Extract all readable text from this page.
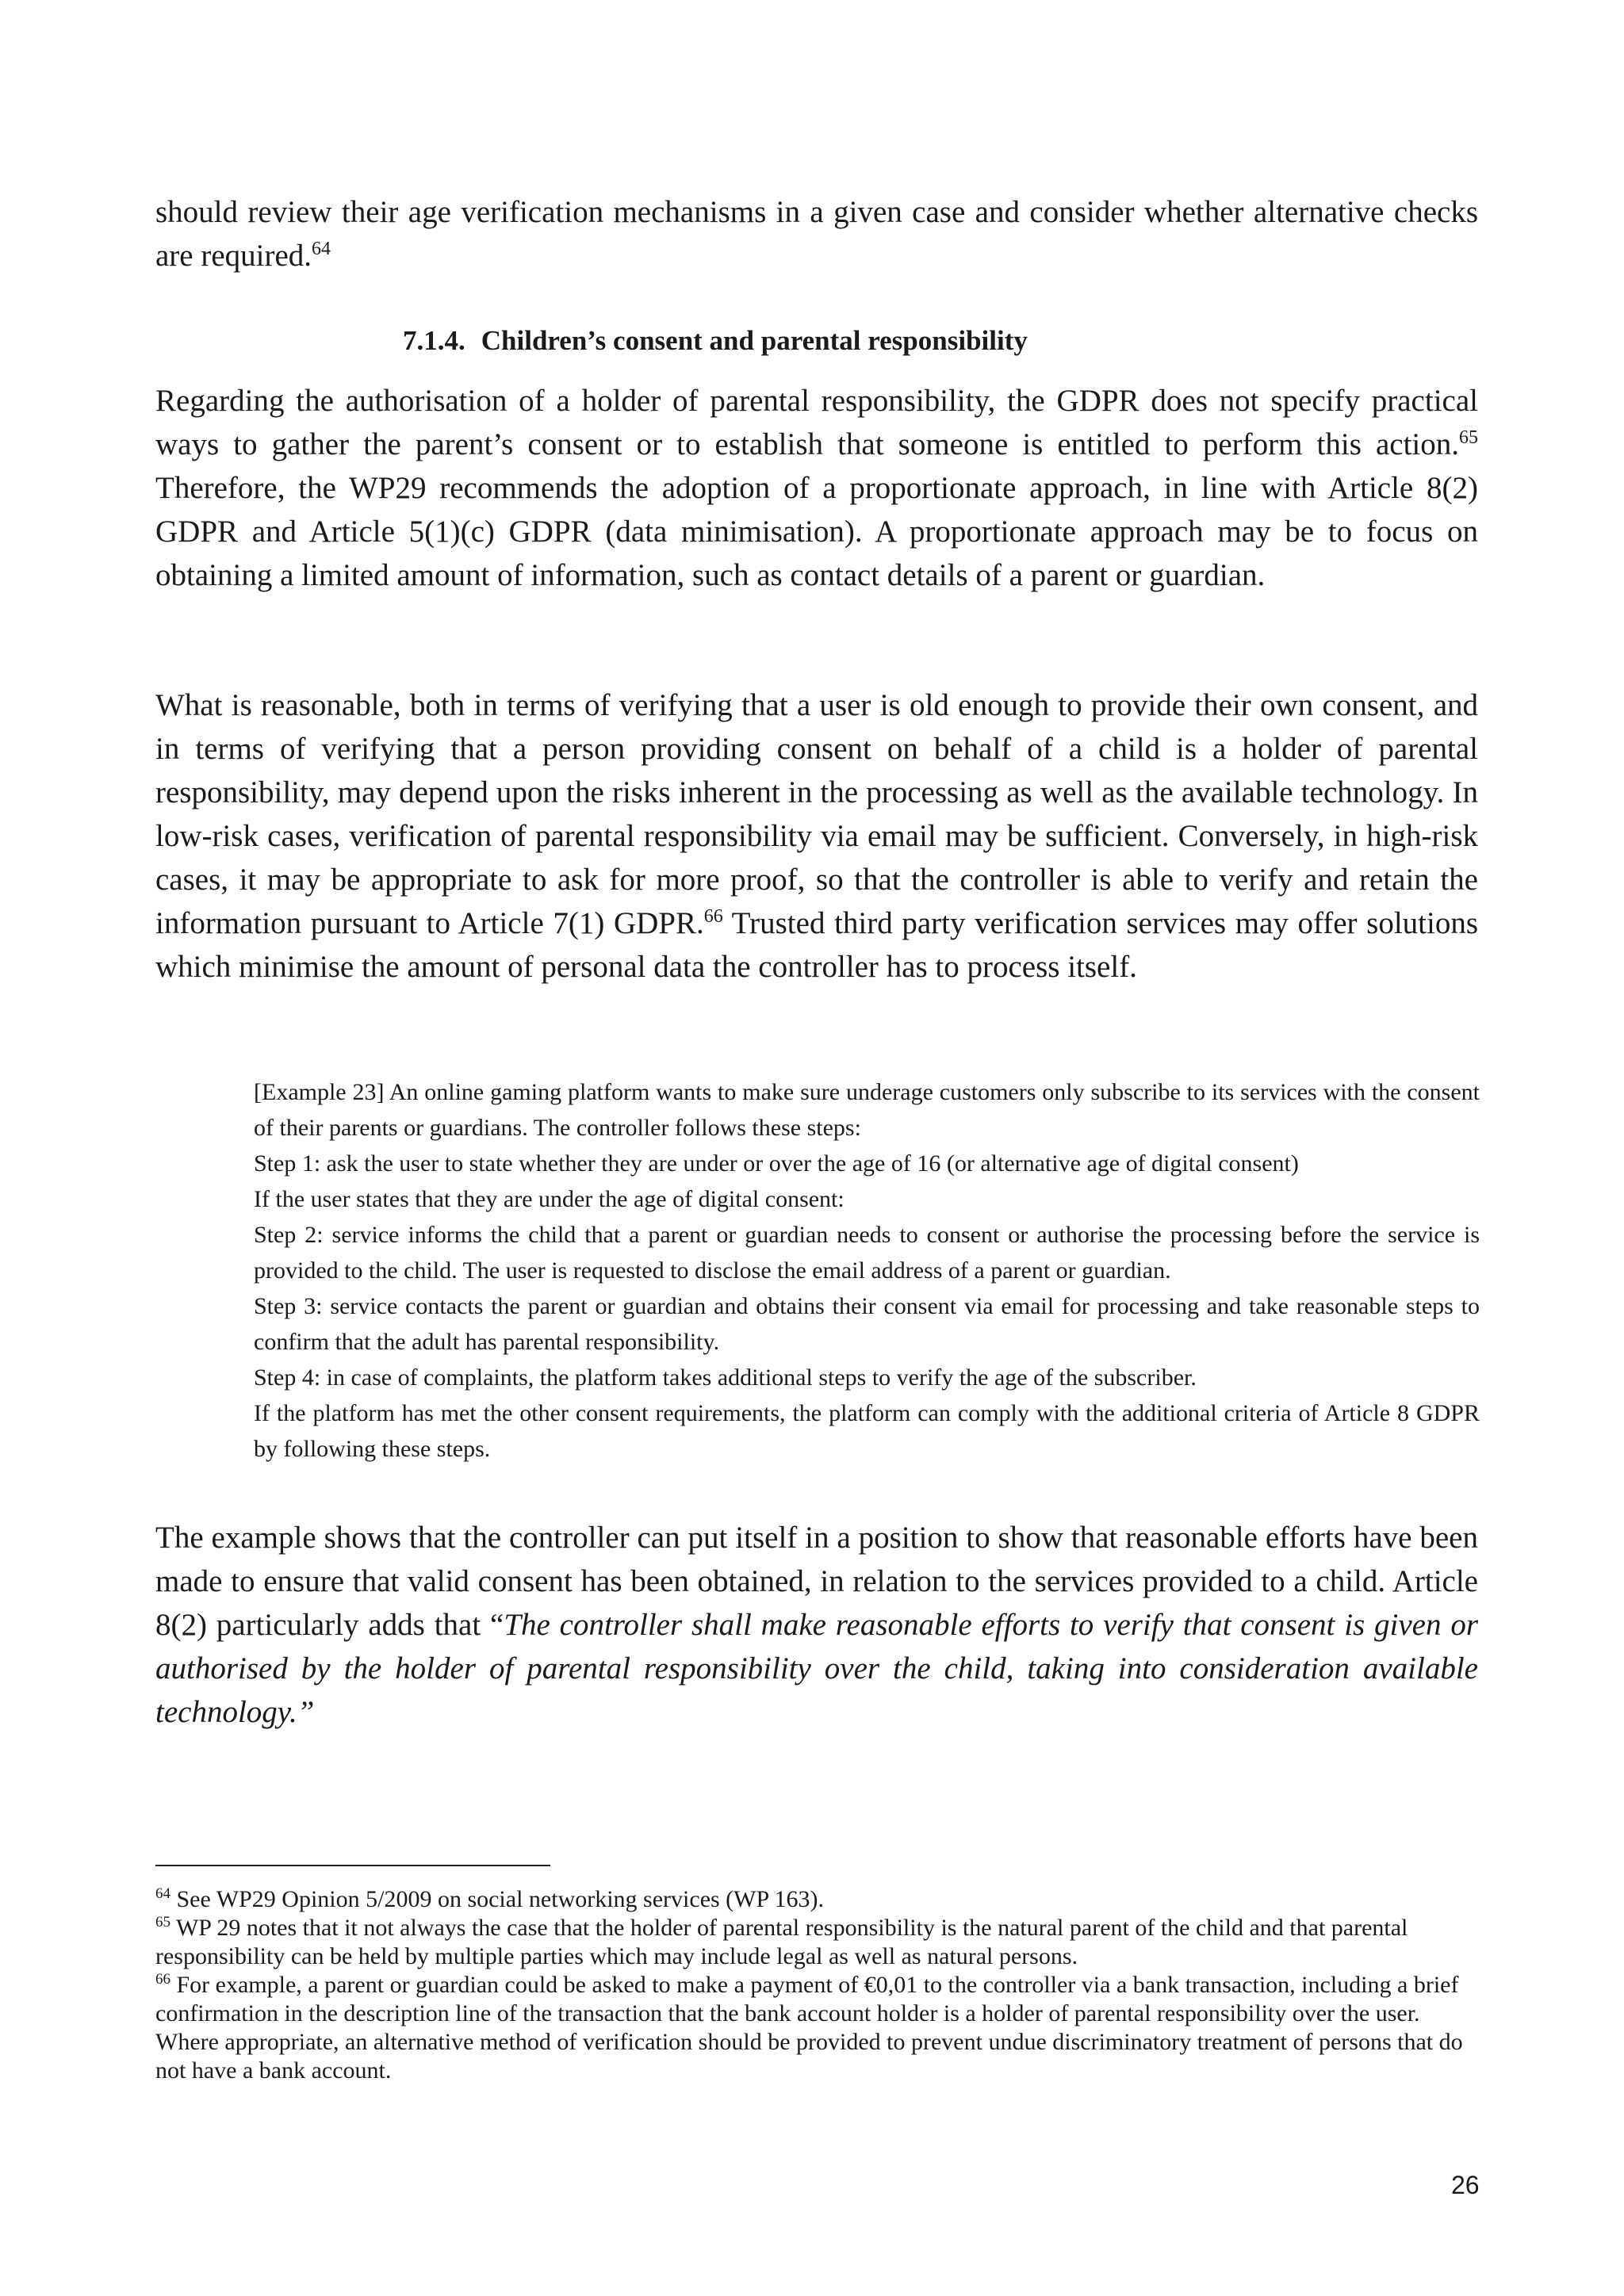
should review their age verification mechanisms in a given case and consider whether alternative checks are required.$^{64}$

7.1.4. Children’s consent and parental responsibility

Regarding the authorisation of a holder of parental responsibility, the GDPR does not specify practical ways to gather the parent’s consent or to establish that someone is entitled to perform this action.$^{65}$ Therefore, the WP29 recommends the adoption of a proportionate approach, in line with Article 8(2) GDPR and Article 5(1)(c) GDPR (data minimisation). A proportionate approach may be to focus on obtaining a limited amount of information, such as contact details of a parent or guardian.

What is reasonable, both in terms of verifying that a user is old enough to provide their own consent, and in terms of verifying that a person providing consent on behalf of a child is a holder of parental responsibility, may depend upon the risks inherent in the processing as well as the available technology. In low-risk cases, verification of parental responsibility via email may be sufficient. Conversely, in high-risk cases, it may be appropriate to ask for more proof, so that the controller is able to verify and retain the information pursuant to Article 7(1) GDPR.$^{66}$ Trusted third party verification services may offer solutions which minimise the amount of personal data the controller has to process itself.

[Example 23] An online gaming platform wants to make sure underage customers only subscribe to its services with the consent of their parents or guardians. The controller follows these steps:

Step 1: ask the user to state whether they are under or over the age of 16 (or alternative age of digital consent)

If the user states that they are under the age of digital consent:

Step 2: service informs the child that a parent or guardian needs to consent or authorise the processing before the service is provided to the child. The user is requested to disclose the email address of a parent or guardian.

Step 3: service contacts the parent or guardian and obtains their consent via email for processing and take reasonable steps to confirm that the adult has parental responsibility.

Step 4: in case of complaints, the platform takes additional steps to verify the age of the subscriber.

If the platform has met the other consent requirements, the platform can comply with the additional criteria of Article 8 GDPR by following these steps.

The example shows that the controller can put itself in a position to show that reasonable efforts have been made to ensure that valid consent has been obtained, in relation to the services provided to a child. Article 8(2) particularly adds that “The controller shall make reasonable efforts to verify that consent is given or authorised by the holder of parental responsibility over the child, taking into consideration available technology.”

$^{64}$ See WP29 Opinion 5/2009 on social networking services (WP 163).

$^{65}$ WP 29 notes that it not always the case that the holder of parental responsibility is the natural parent of the child and that parental responsibility can be held by multiple parties which may include legal as well as natural persons.

$^{66}$ For example, a parent or guardian could be asked to make a payment of €0,01 to the controller via a bank transaction, including a brief confirmation in the description line of the transaction that the bank account holder is a holder of parental responsibility over the user. Where appropriate, an alternative method of verification should be provided to prevent undue discriminatory treatment of persons that do not have a bank account.

26
